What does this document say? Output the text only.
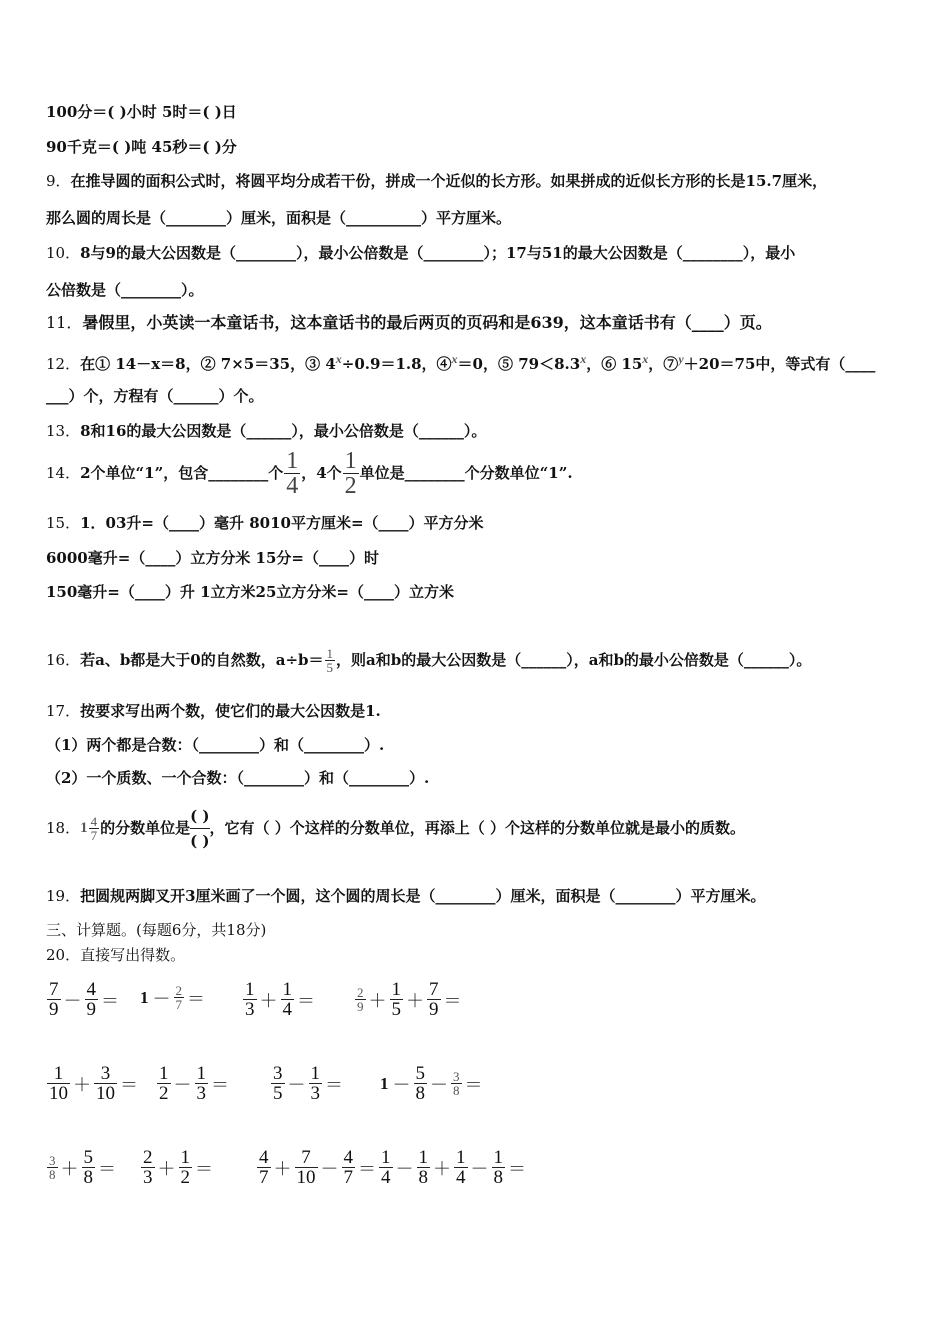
100分＝( )小时 5时＝( )日
90千克＝( )吨 45秒＝( )分
9．在推导圆的面积公式时，将圆平均分成若干份，拼成一个近似的长方形。如果拼成的近似长方形的长是15.7厘米，
那么圆的周长是（________）厘米，面积是（__________）平方厘米。
10．8与9的最大公因数是（________），最小公倍数是（________）；17与51的最大公因数是（________），最小
公倍数是（________）。
11．暑假里，小英读一本童话书，这本童话书的最后两页的页码和是639，这本童话书有（____）页。
12．在① 14－x＝8，② 7×5＝35，③ $4^x\div 0.9=1.8$，④$^x$＝0，⑤ $79<8.3^x$，⑥ 15$^x$，⑦$^y$＋20＝75中，等式有（____
___）个，方程有（______）个。
13．8和16的最大公因数是（______），最小公倍数是（______）。
14． 2个单位“1”，包含________个 $\frac{1}{4}$ ，4个 $\frac{1}{2}$ 单位是________个分数单位“1”.
15．1．03升=（____）毫升 8010平方厘米=（____）平方分米
6000毫升=（____）立方分米 15分=（____）时
150毫升=（____）升 1立方米25立方分米=（____）立方米
16． 若a、b都是大于0的自然数，$a\div b= \frac{1}{5}$ ，则a和b的最大公因数是（______），a和b的最小公倍数是（______）。
17．按要求写出两个数，使它们的最大公因数是1.
（1）两个都是合数：（________）和（________）.
（2）一个质数、一个合数：（________）和（________）.
18． $1 \frac{4}{7}$ 的分数单位是
( )
( )
，它有（ ）个这样的分数单位，再添上（ ）个这样的分数单位就是最小的质数。
19．把圆规两脚叉开3厘米画了一个圆，这个圆的周长是（________）厘米，面积是（________）平方厘米。
三、计算题。(每题6分，共18分)
20．直接写出得数。
$\frac{7}{9} - \frac{4}{9} = 1 - \frac{2}{7} = \frac{1}{3} + \frac{1}{4}$ ＝	$\frac{2}{9} + \frac{1}{5} + \frac{7}{9}$ ＝
$\frac{1}{10} + \frac{3}{10} = \frac{1}{2} - \frac{1}{3} = \frac{3}{5} - \frac{1}{3} = 1 - \frac{5}{8} - \frac{3}{8}$ ＝
$\frac{3}{8} + \frac{5}{8} = \frac{2}{3} + \frac{1}{2} = \frac{4}{7} + \frac{7}{10} - \frac{4}{7} = \frac{1}{4} - \frac{1}{8} + \frac{1}{4} - \frac{1}{8}$ ＝
